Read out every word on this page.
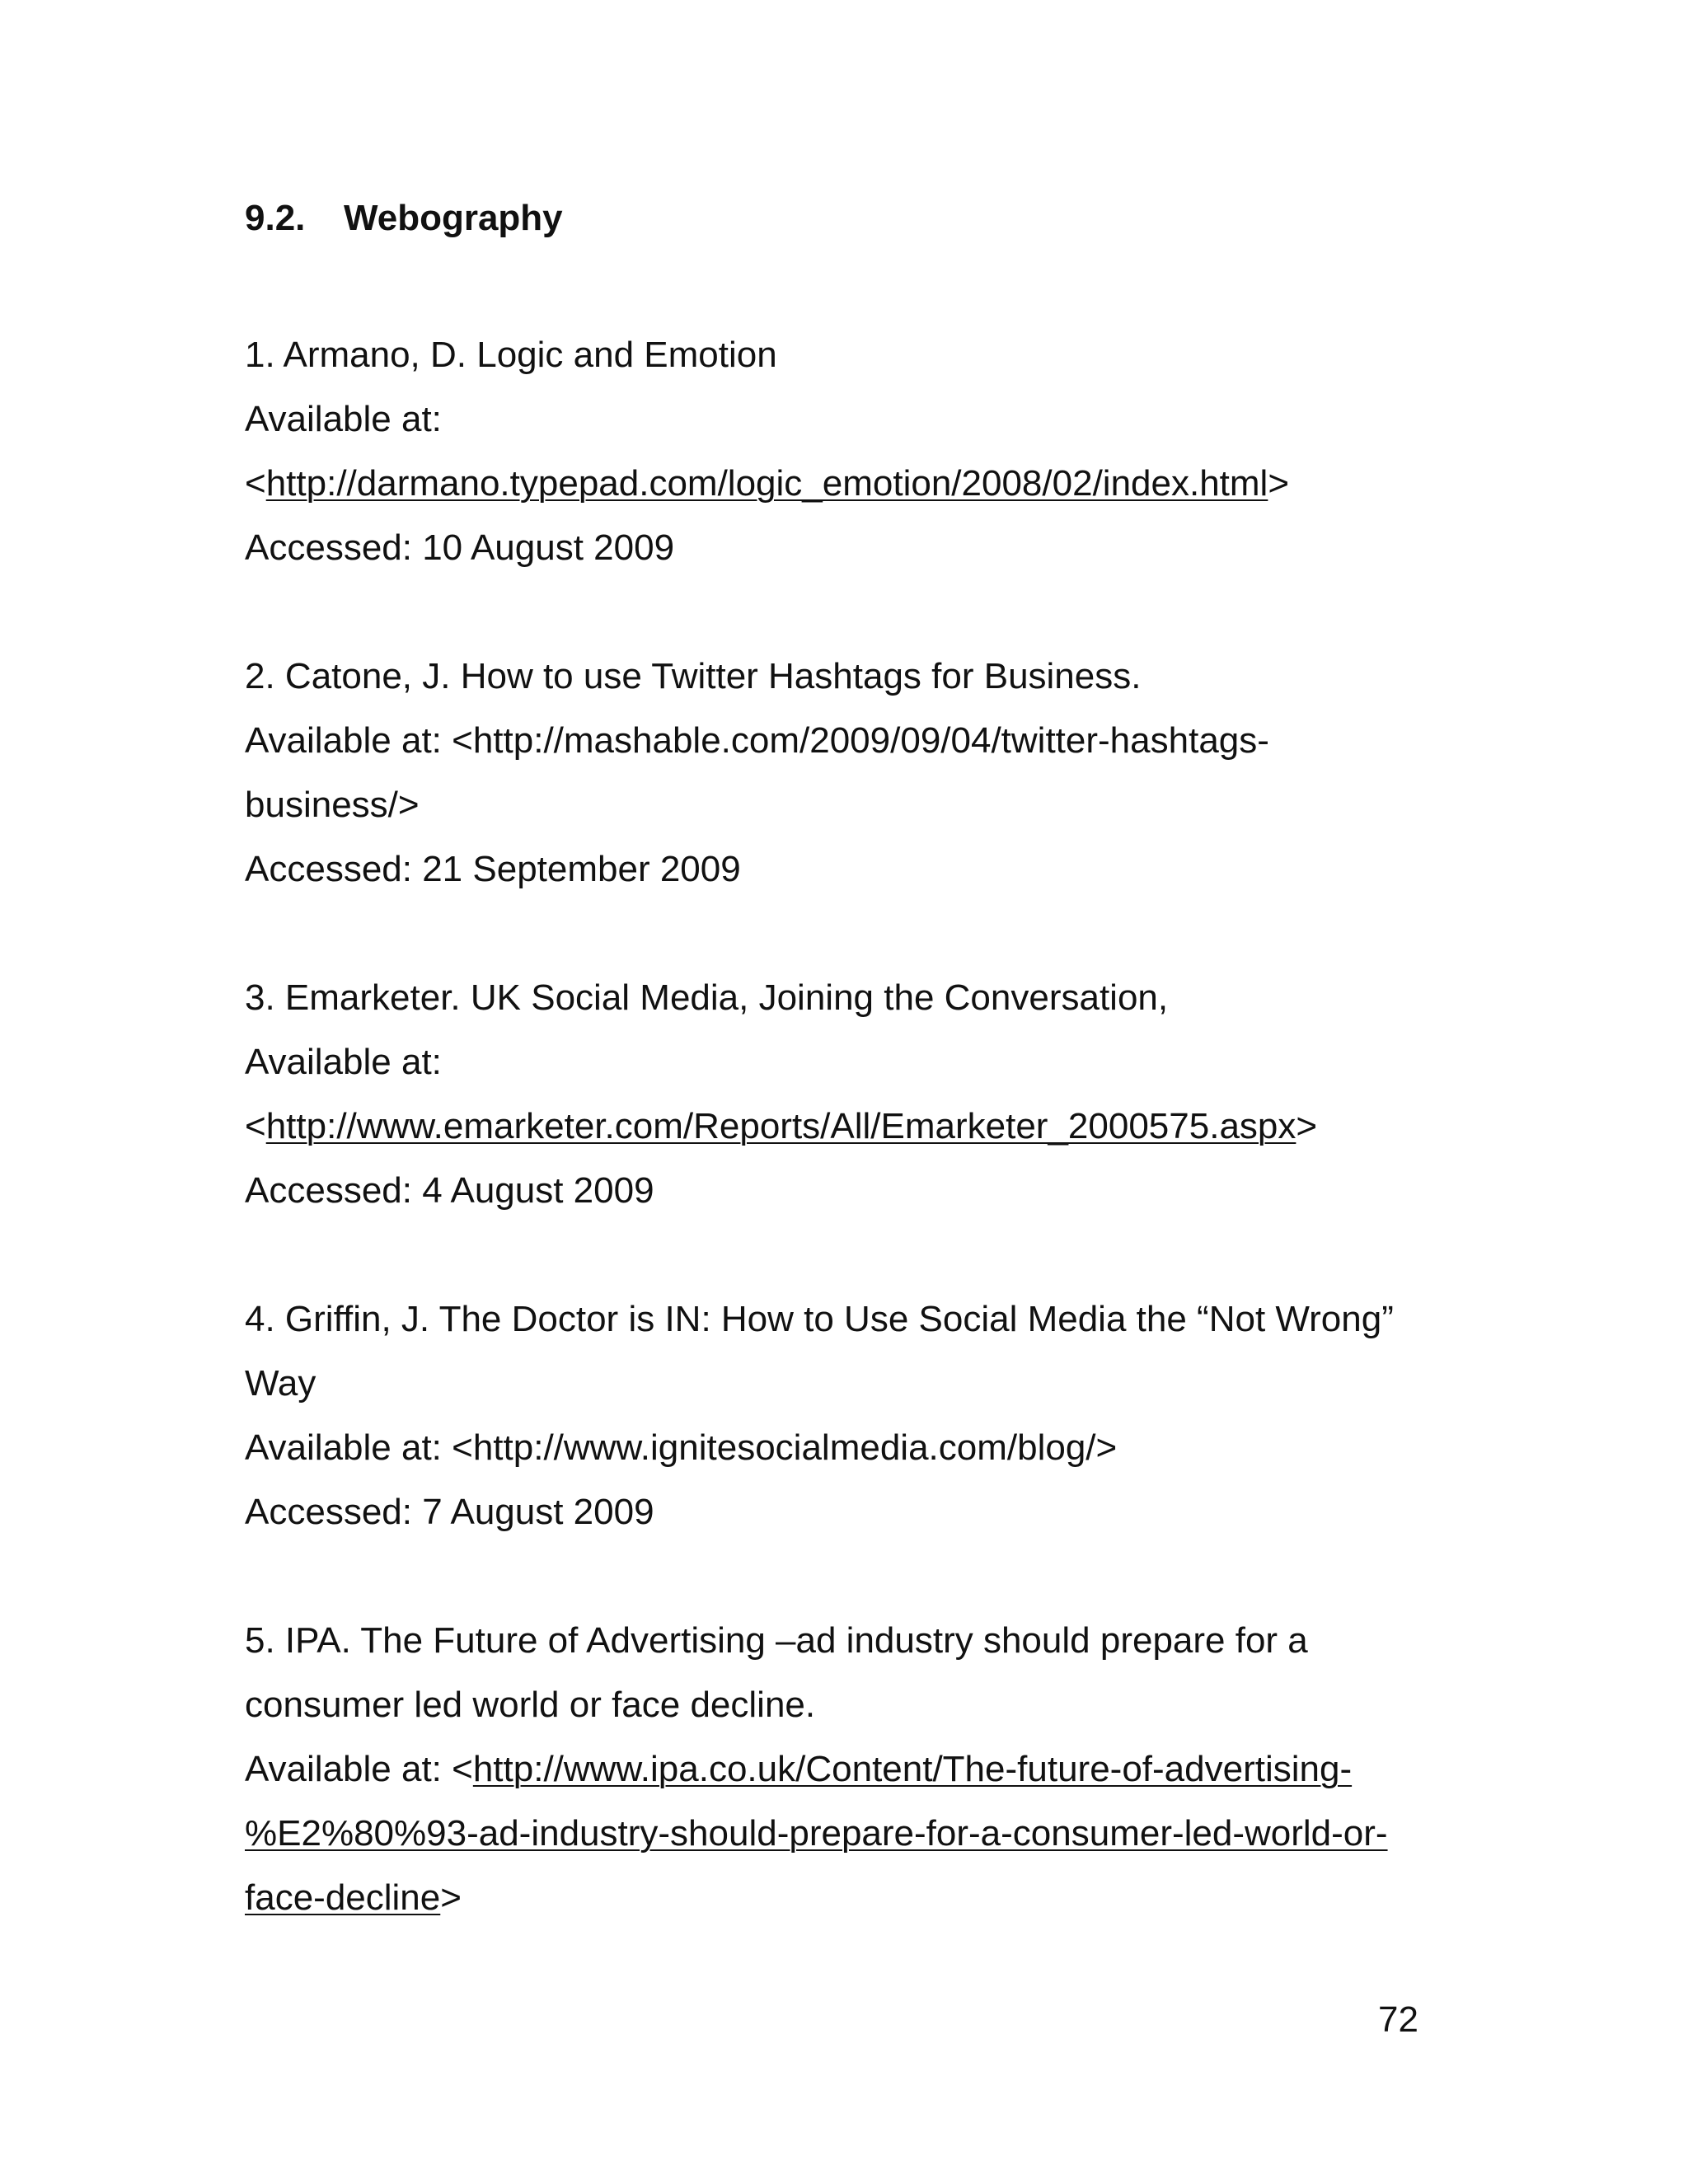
9.2. Webography
1. Armano, D. Logic and Emotion
Available at:
<http://darmano.typepad.com/logic_emotion/2008/02/index.html>
Accessed: 10 August 2009
2. Catone, J. How to use Twitter Hashtags for Business.
Available at: <http://mashable.com/2009/09/04/twitter-hashtags-
business/>
Accessed: 21 September 2009
3. Emarketer. UK Social Media, Joining the Conversation,
Available at:
<http://www.emarketer.com/Reports/All/Emarketer_2000575.aspx>
Accessed: 4 August 2009
4. Griffin, J. The Doctor is IN: How to Use Social Media the “Not Wrong”
Way
Available at: <http://www.ignitesocialmedia.com/blog/>
Accessed: 7 August 2009
5. IPA. The Future of Advertising –ad industry should prepare for a
consumer led world or face decline.
Available at: <http://www.ipa.co.uk/Content/The-future-of-advertising-
%E2%80%93-ad-industry-should-prepare-for-a-consumer-led-world-or-
face-decline>
72
